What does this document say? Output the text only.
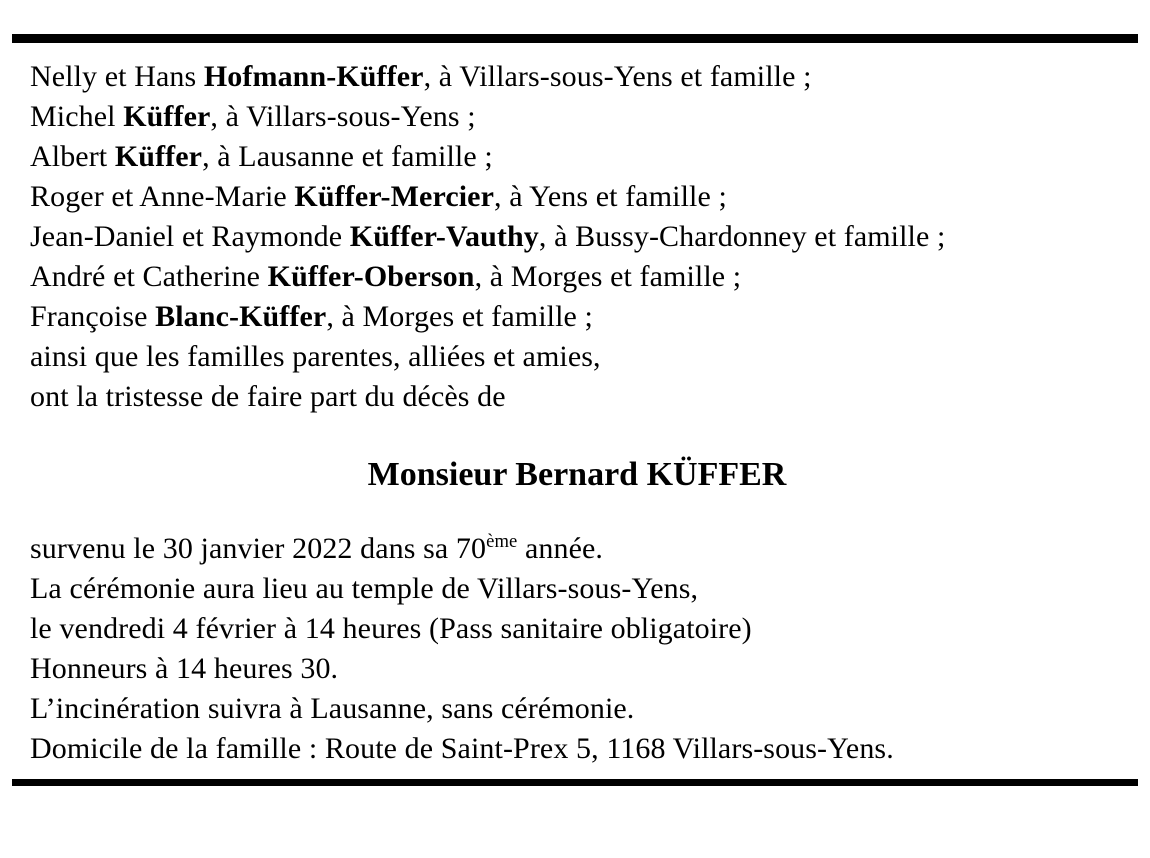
Nelly et Hans Hofmann-Küffer, à Villars-sous-Yens et famille ;
Michel Küffer, à Villars-sous-Yens ;
Albert Küffer, à Lausanne et famille ;
Roger et Anne-Marie Küffer-Mercier, à Yens et famille ;
Jean-Daniel et Raymonde Küffer-Vauthy, à Bussy-Chardonney et famille ;
André et Catherine Küffer-Oberson, à Morges et famille ;
Françoise Blanc-Küffer, à Morges et famille ;
ainsi que les familles parentes, alliées et amies,
ont la tristesse de faire part du décès de
Monsieur Bernard KÜFFER
survenu le 30 janvier 2022 dans sa 70ème année.
La cérémonie aura lieu au temple de Villars-sous-Yens,
le vendredi 4 février à 14 heures (Pass sanitaire obligatoire)
Honneurs à 14 heures 30.
L’incinération suivra à Lausanne, sans cérémonie.
Domicile de la famille : Route de Saint-Prex 5, 1168 Villars-sous-Yens.
